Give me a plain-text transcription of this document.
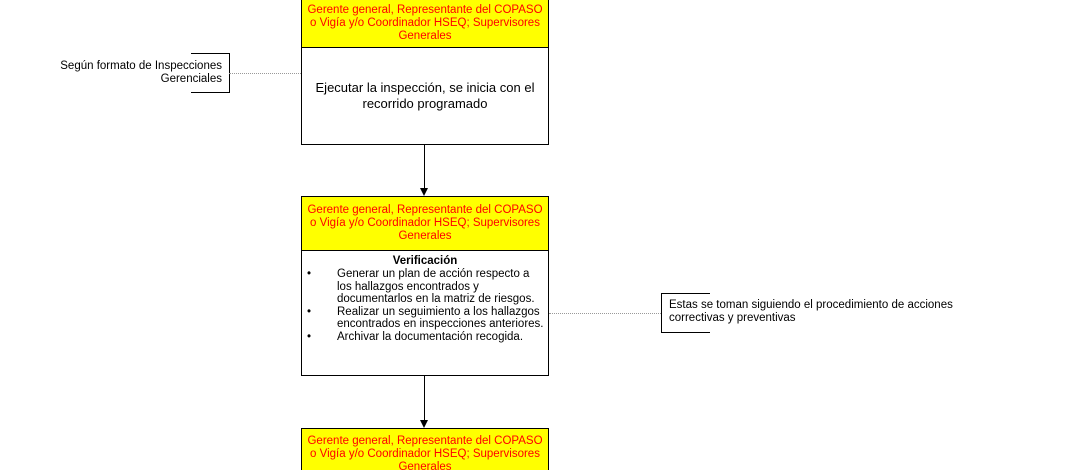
Gerente general, Representante del COPASO o Vigía y/o Coordinador HSEQ; Supervisores Generales
Ejecutar la inspección, se inicia con el recorrido programado
Según formato de Inspecciones Gerenciales
Gerente general, Representante del COPASO o Vigía y/o Coordinador HSEQ; Supervisores Generales
Verificación
• Generar un plan de acción respecto a los hallazgos encontrados y documentarlos en la matriz de riesgos.
• Realizar un seguimiento a los hallazgos encontrados en inspecciones anteriores.
• Archivar la documentación recogida.
Estas se toman siguiendo el procedimiento de acciones correctivas y preventivas
Gerente general, Representante del COPASO o Vigía y/o Coordinador HSEQ; Supervisores Generales
